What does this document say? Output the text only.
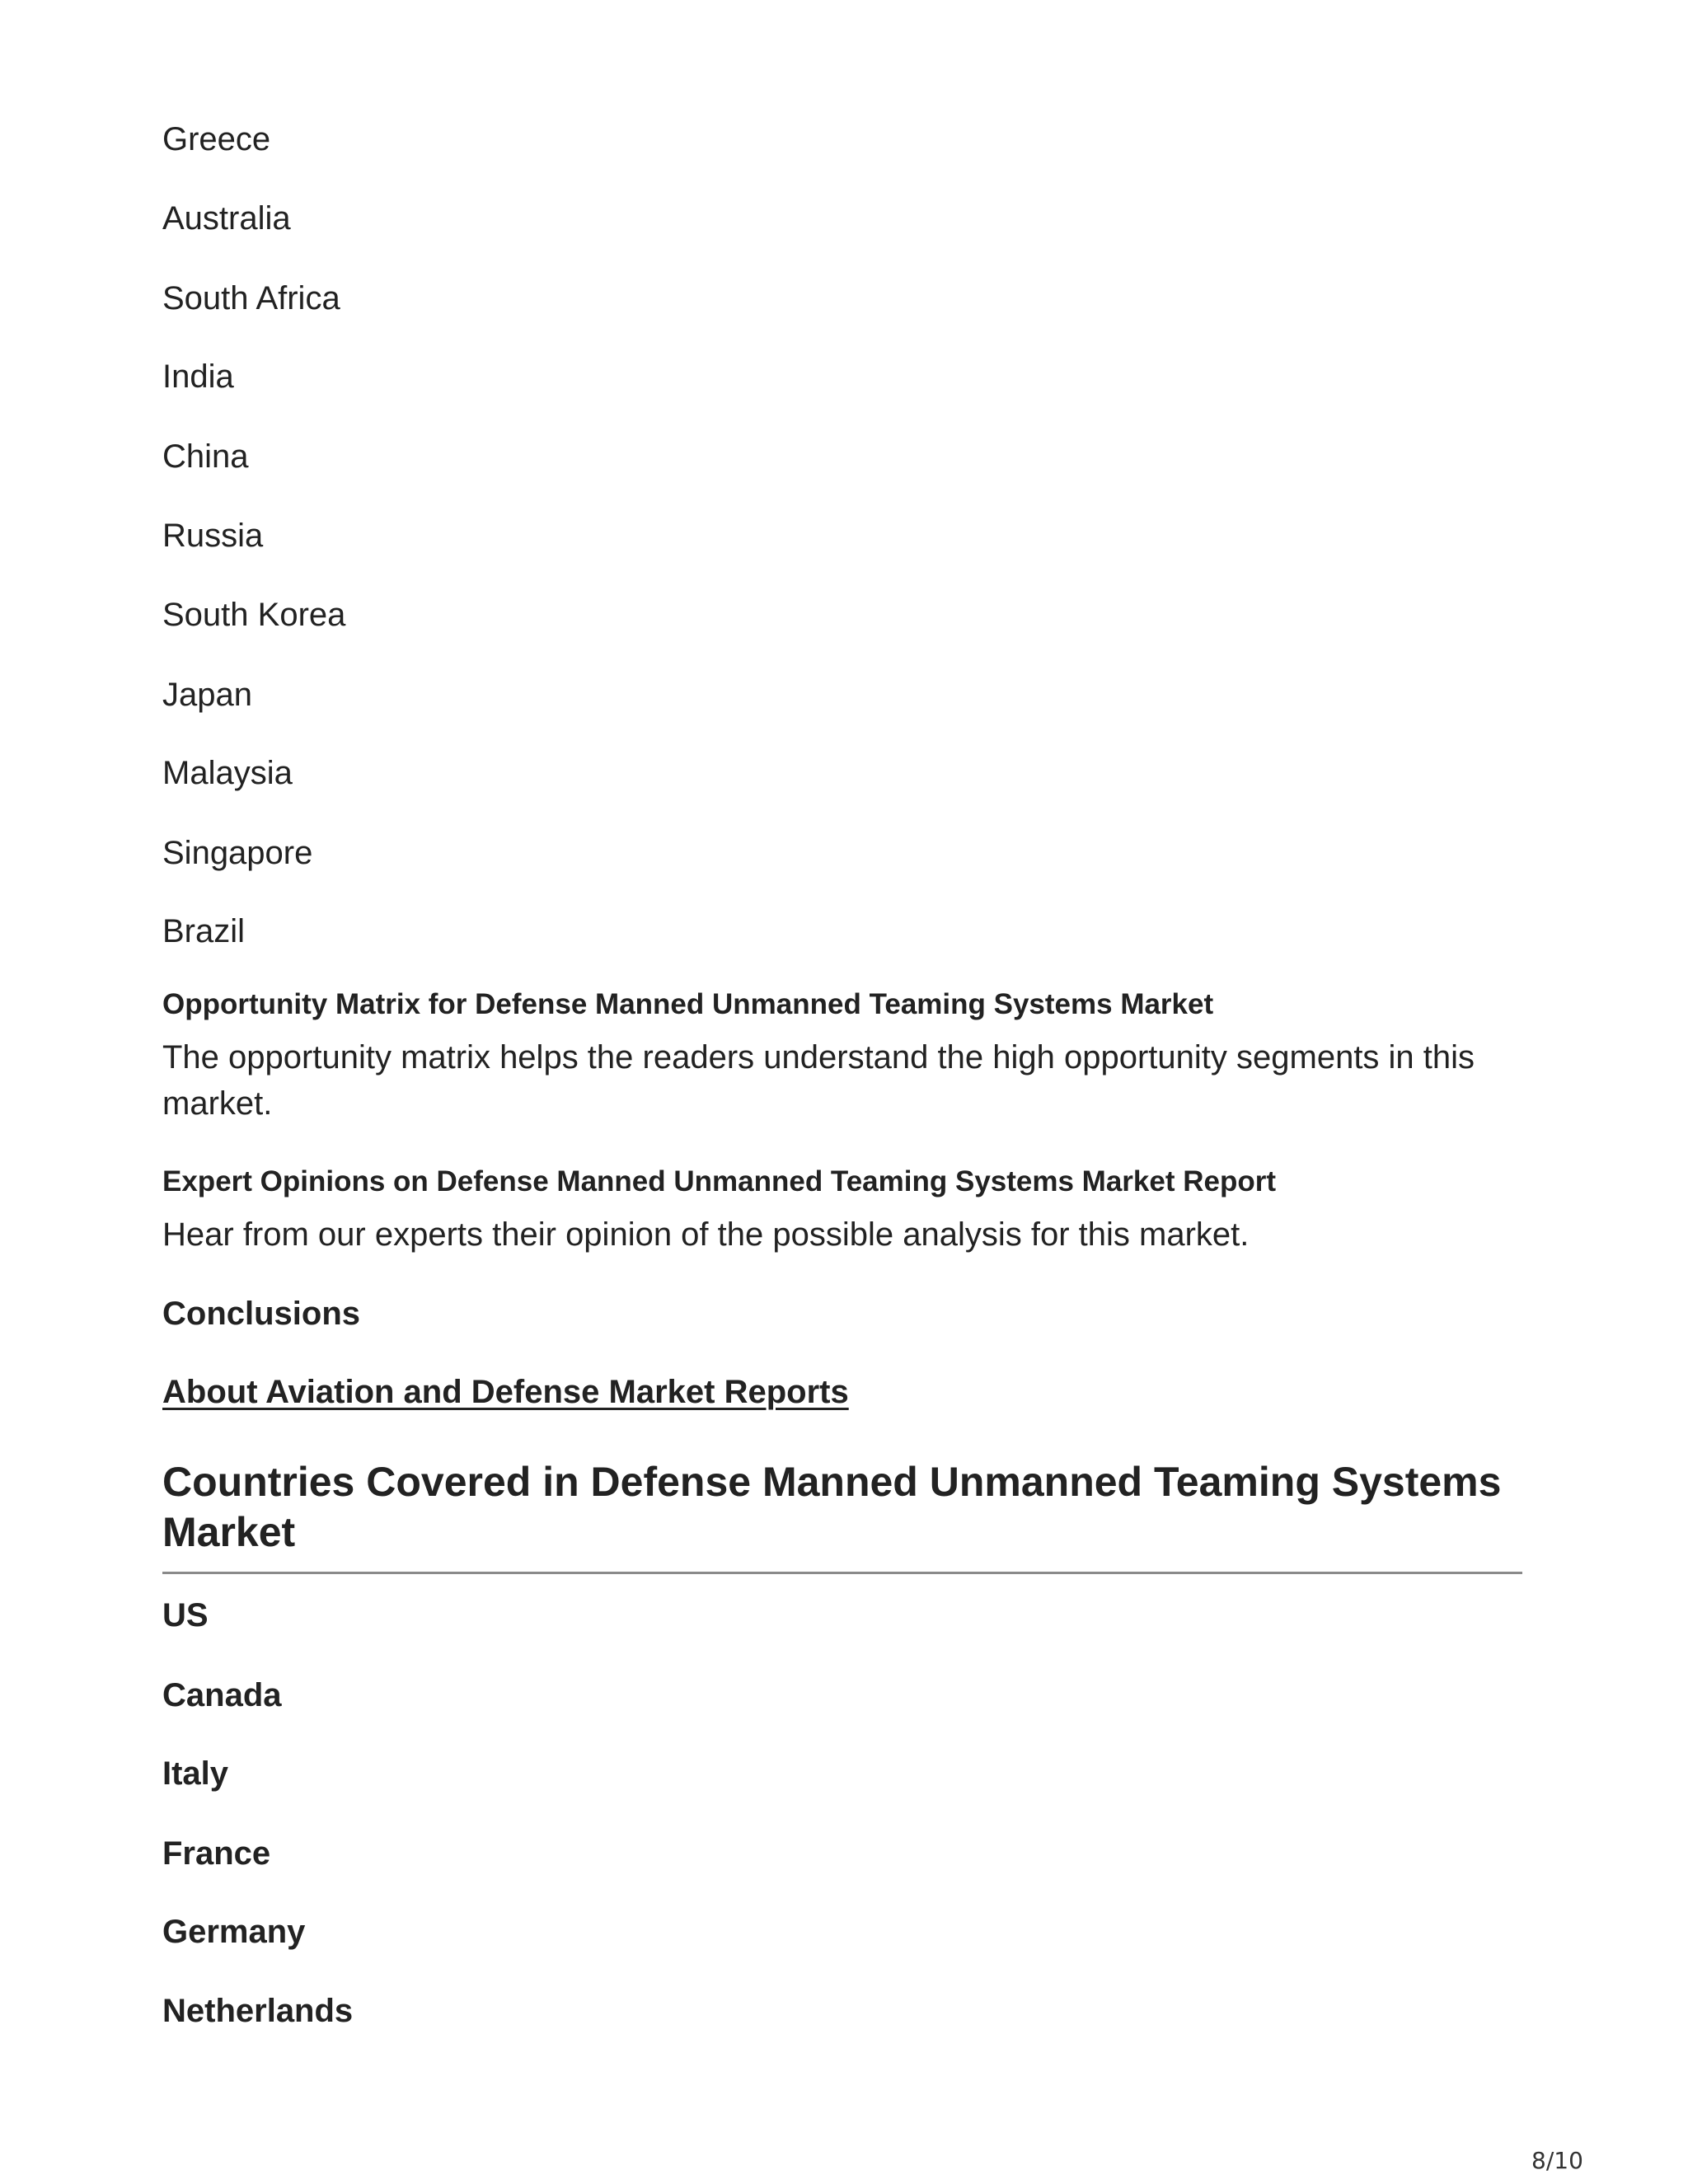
Greece
Australia
South Africa
India
China
Russia
South Korea
Japan
Malaysia
Singapore
Brazil
Opportunity Matrix for Defense Manned Unmanned Teaming Systems Market
The opportunity matrix helps the readers understand the high opportunity segments in this market.
Expert Opinions on Defense Manned Unmanned Teaming Systems Market Report
Hear from our experts their opinion of the possible analysis for this market.
Conclusions
About Aviation and Defense Market Reports
Countries Covered in Defense Manned Unmanned Teaming Systems Market
US
Canada
Italy
France
Germany
Netherlands
8/10
